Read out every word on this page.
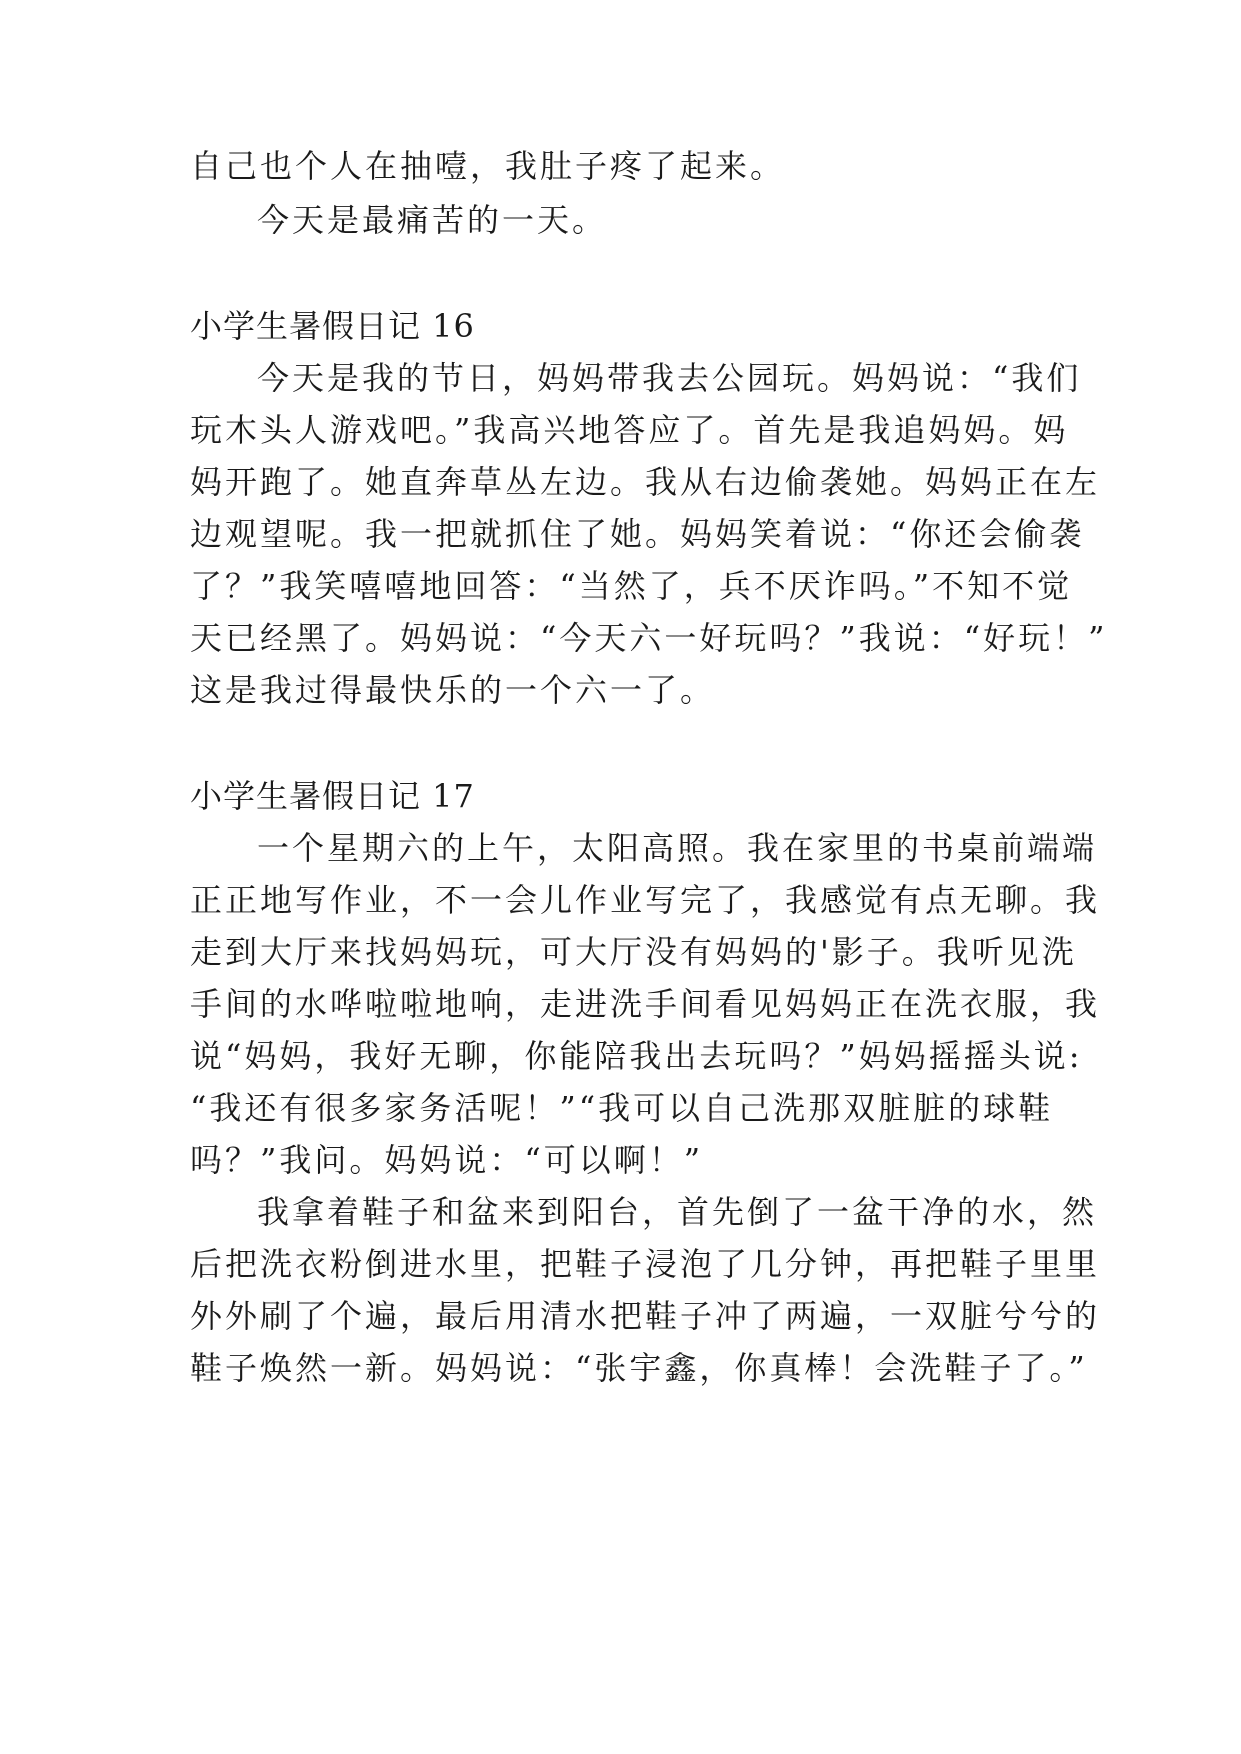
自己也个人在抽噎，我肚子疼了起来。
今天是最痛苦的一天。
小学生暑假日记 16
今天是我的节日，妈妈带我去公园玩。妈妈说：“我们
玩木头人游戏吧。”我高兴地答应了。首先是我追妈妈。妈
妈开跑了。她直奔草丛左边。我从右边偷袭她。妈妈正在左
边观望呢。我一把就抓住了她。妈妈笑着说：“你还会偷袭
了？”我笑嘻嘻地回答：“当然了，兵不厌诈吗。”不知不觉
天已经黑了。妈妈说：“今天六一好玩吗？”我说：“好玩！”
这是我过得最快乐的一个六一了。
小学生暑假日记 17
一个星期六的上午，太阳高照。我在家里的书桌前端端
正正地写作业，不一会儿作业写完了，我感觉有点无聊。我
走到大厅来找妈妈玩，可大厅没有妈妈的'影子。我听见洗
手间的水哗啦啦地响，走进洗手间看见妈妈正在洗衣服，我
说“妈妈，我好无聊，你能陪我出去玩吗？”妈妈摇摇头说:
“我还有很多家务活呢！”“我可以自己洗那双脏脏的球鞋
吗？”我问。妈妈说：“可以啊！”
我拿着鞋子和盆来到阳台，首先倒了一盆干净的水，然
后把洗衣粉倒进水里，把鞋子浸泡了几分钟，再把鞋子里里
外外刷了个遍，最后用清水把鞋子冲了两遍，一双脏兮兮的
鞋子焕然一新。妈妈说：“张宇鑫，你真棒！会洗鞋子了。”
